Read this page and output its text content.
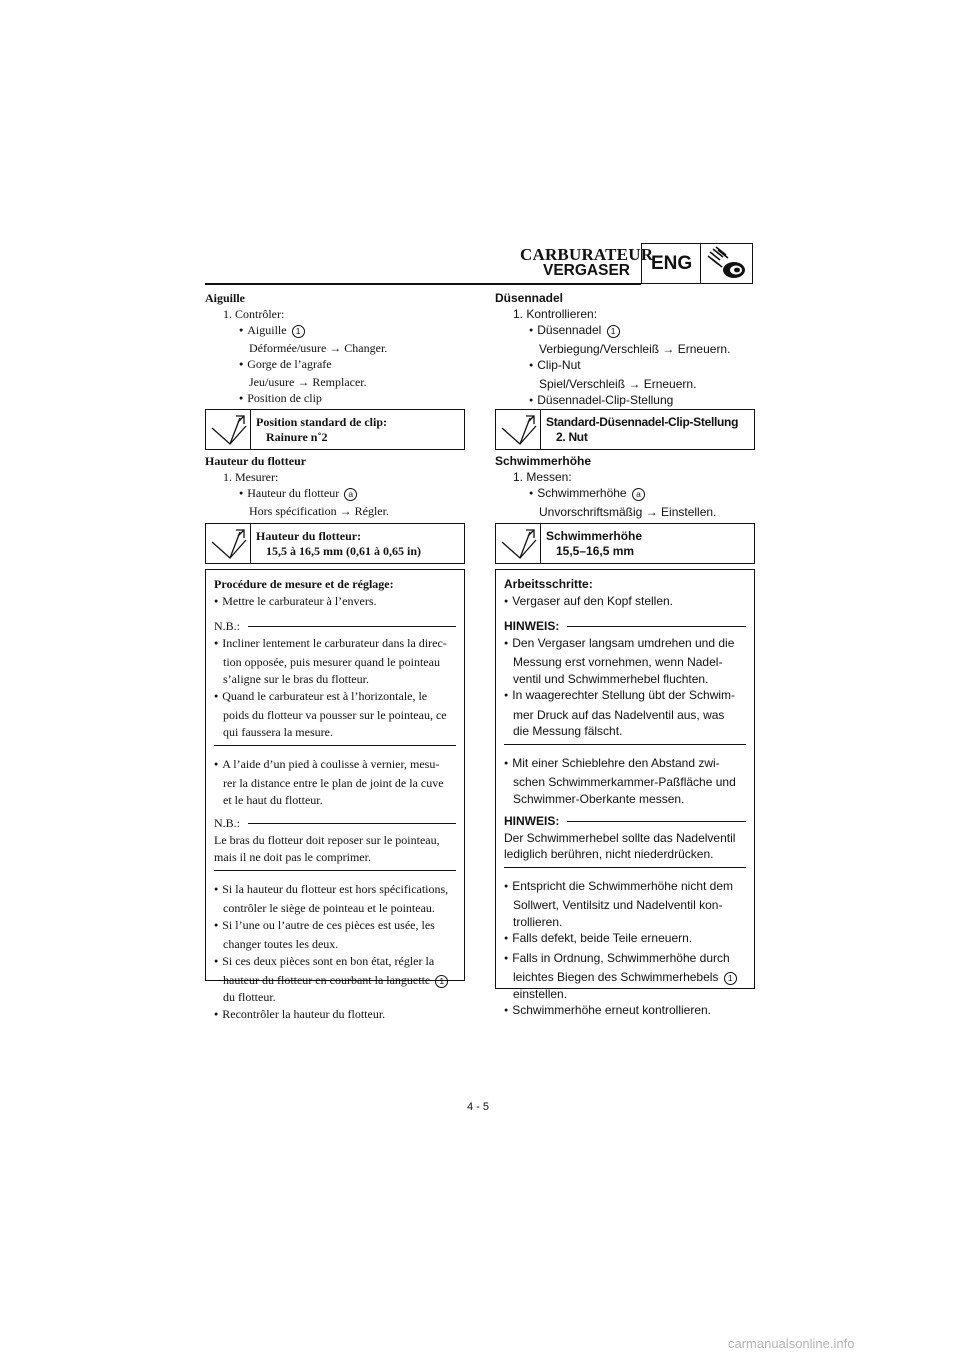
CARBURATEUR
VERGASER ENG
Aiguille
1. Contrôler:
● Aiguille 1
Déformée/usure → Changer.
● Gorge de l’agrafe
Jeu/usure → Remplacer.
● Position de clip
Position standard de clip:
Rainure n˚2
Hauteur du flotteur
1. Mesurer:
● Hauteur du flotteur a
Hors spécification → Régler.
Hauteur du flotteur:
15,5 à 16,5 mm (0,61 à 0,65 in)
Procédure de mesure et de réglage:
● Mettre le carburateur à l’envers.
N.B.:
● Incliner lentement le carburateur dans la direc-
tion opposée, puis mesurer quand le pointeau
s’aligne sur le bras du flotteur.
● Quand le carburateur est à l’horizontale, le
poids du flotteur va pousser sur le pointeau, ce
qui faussera la mesure.
● A l’aide d’un pied à coulisse à vernier, mesu-
rer la distance entre le plan de joint de la cuve
et le haut du flotteur.
N.B.:
Le bras du flotteur doit reposer sur le pointeau,
mais il ne doit pas le comprimer.
● Si la hauteur du flotteur est hors spécifications,
contrôler le siège de pointeau et le pointeau.
● Si l’une ou l’autre de ces pièces est usée, les
changer toutes les deux.
● Si ces deux pièces sont en bon état, régler la
hauteur du flotteur en courbant la languette 1
du flotteur.
● Recontrôler la hauteur du flotteur.
Düsennadel
1. Kontrollieren:
● Düsennadel 1
Verbiegung/Verschleiß → Erneuern.
● Clip-Nut
Spiel/Verschleiß → Erneuern.
● Düsennadel-Clip-Stellung
Standard-Düsennadel-Clip-Stellung
2. Nut
Schwimmerhöhe
1. Messen:
● Schwimmerhöhe a
Unvorschriftsmäßig → Einstellen.
Schwimmerhöhe
15,5–16,5 mm
Arbeitsschritte:
● Vergaser auf den Kopf stellen.
HINWEIS:
● Den Vergaser langsam umdrehen und die
Messung erst vornehmen, wenn Nadel-
ventil und Schwimmerhebel fluchten.
● In waagerechter Stellung übt der Schwim-
mer Druck auf das Nadelventil aus, was
die Messung fälscht.
● Mit einer Schieblehre den Abstand zwi-
schen Schwimmerkammer-Paßfläche und
Schwimmer-Oberkante messen.
HINWEIS:
Der Schwimmerhebel sollte das Nadelventil
lediglich berühren, nicht niederdrücken.
● Entspricht die Schwimmerhöhe nicht dem
Sollwert, Ventilsitz und Nadelventil kon-
trollieren.
● Falls defekt, beide Teile erneuern.
● Falls in Ordnung, Schwimmerhöhe durch
leichtes Biegen des Schwimmerhebels 1
einstellen.
● Schwimmerhöhe erneut kontrollieren.
4 - 5
carmanualsonline.info
